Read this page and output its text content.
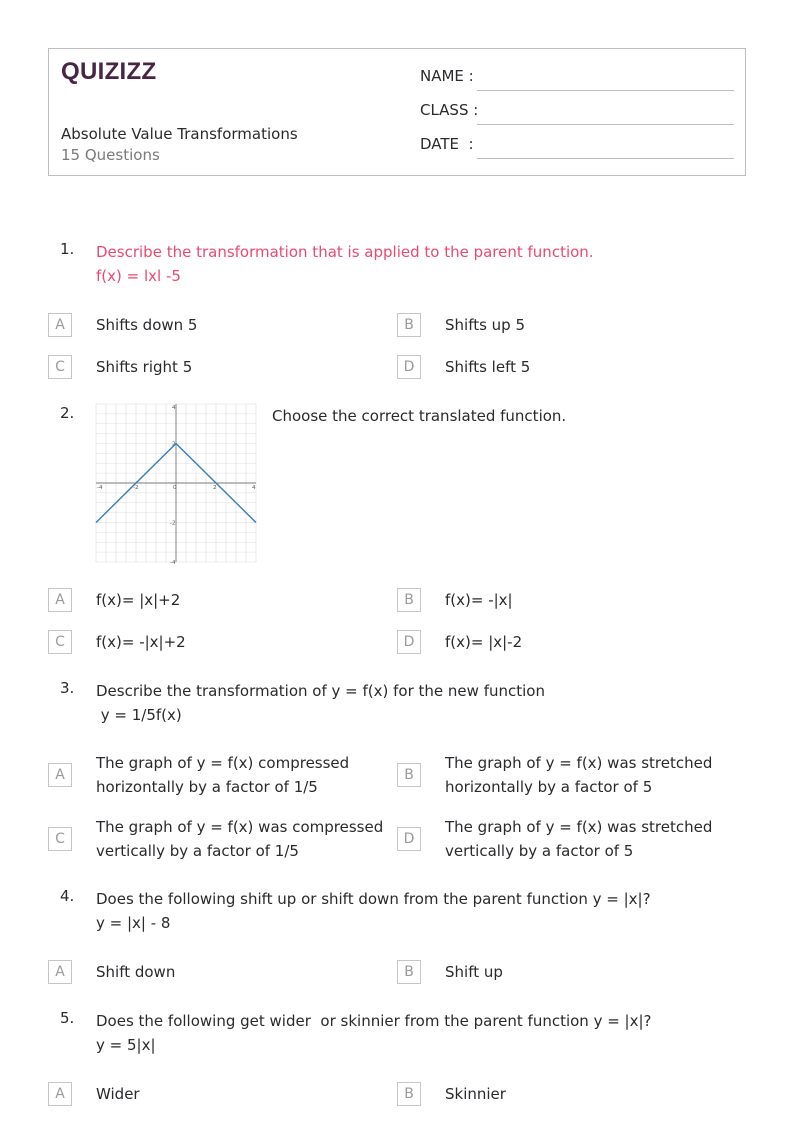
QUIZIZZ
Absolute Value Transformations
15 Questions
NAME :
CLASS :
DATE  :
1. Describe the transformation that is applied to the parent function.
f(x) = lxl -5
A	Shifts down 5	B	Shifts up 5
C	Shifts right 5	D	Shifts left 5
2.	Choose the correct translated function.
-4	-2	0	2	4
4
2
-2
-4
A	f(x)= |x|+2	B	f(x)= -|x|
C	f(x)= -|x|+2	D	f(x)= |x|-2
3. Describe the transformation of y = f(x) for the new function
y = 1/5f(x)
A
The graph of y = f(x) compressed
horizontally by a factor of 1/5
B
The graph of y = f(x) was stretched
horizontally by a factor of 5
C
The graph of y = f(x) was compressed
vertically by a factor of 1/5
D
The graph of y = f(x) was stretched
vertically by a factor of 5
4. Does the following shift up or shift down from the parent function y = |x|?
y = |x| - 8
A	Shift down	B	Shift up
5. Does the following get wider  or skinnier from the parent function y = |x|?
y = 5|x|
A	Wider	B	Skinnier
